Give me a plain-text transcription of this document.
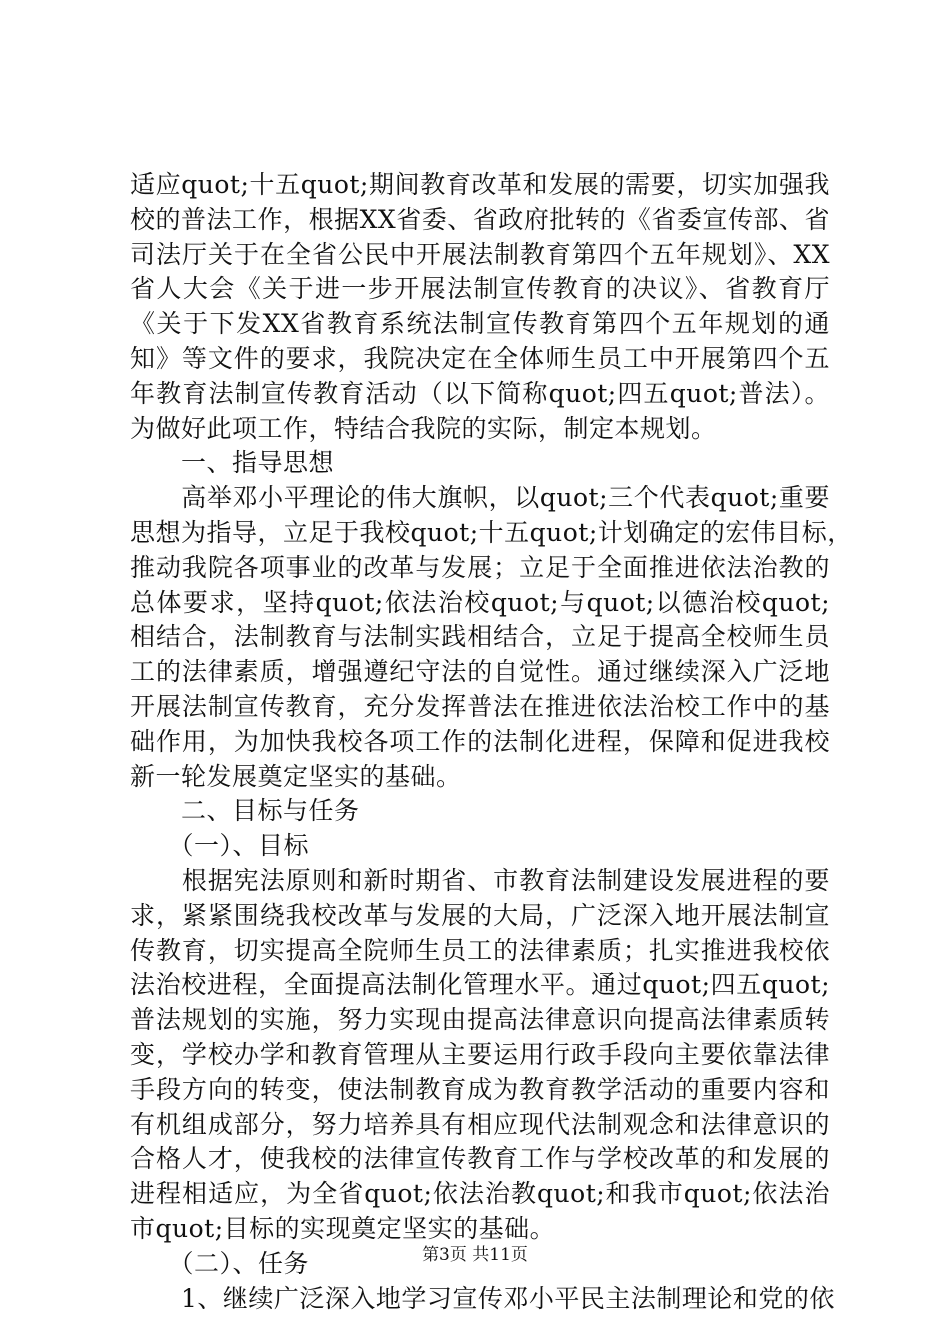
适应quot;十五quot;期间教育改革和发展的需要，切实加强我
校的普法工作，根据XX省委、省政府批转的《省委宣传部、省
司法厅关于在全省公民中开展法制教育第四个五年规划》、XX
省人大会《关于进一步开展法制宣传教育的决议》、省教育厅
《关于下发XX省教育系统法制宣传教育第四个五年规划的通
知》等文件的要求，我院决定在全体师生员工中开展第四个五
年教育法制宣传教育活动（以下简称quot;四五quot;普法）。
为做好此项工作，特结合我院的实际，制定本规划。
　　一、指导思想
　　高举邓小平理论的伟大旗帜，以quot;三个代表quot;重要
思想为指导，立足于我校quot;十五quot;计划确定的宏伟目标，
推动我院各项事业的改革与发展；立足于全面推进依法治教的
总体要求，坚持quot;依法治校quot;与quot;以德治校quot;
相结合，法制教育与法制实践相结合，立足于提高全校师生员
工的法律素质，增强遵纪守法的自觉性。通过继续深入广泛地
开展法制宣传教育，充分发挥普法在推进依法治校工作中的基
础作用，为加快我校各项工作的法制化进程，保障和促进我校
新一轮发展奠定坚实的基础。
　　二、目标与任务
　　（一）、目标
　　根据宪法原则和新时期省、市教育法制建设发展进程的要
求，紧紧围绕我校改革与发展的大局，广泛深入地开展法制宣
传教育，切实提高全院师生员工的法律素质；扎实推进我校依
法治校进程，全面提高法制化管理水平。通过quot;四五quot;
普法规划的实施，努力实现由提高法律意识向提高法律素质转
变，学校办学和教育管理从主要运用行政手段向主要依靠法律
手段方向的转变，使法制教育成为教育教学活动的重要内容和
有机组成部分，努力培养具有相应现代法制观念和法律意识的
合格人才，使我校的法律宣传教育工作与学校改革的和发展的
进程相适应，为全省quot;依法治教quot;和我市quot;依法治
市quot;目标的实现奠定坚实的基础。
　　（二）、任务
　　1、继续广泛深入地学习宣传邓小平民主法制理论和党的依
第3页 共11页
